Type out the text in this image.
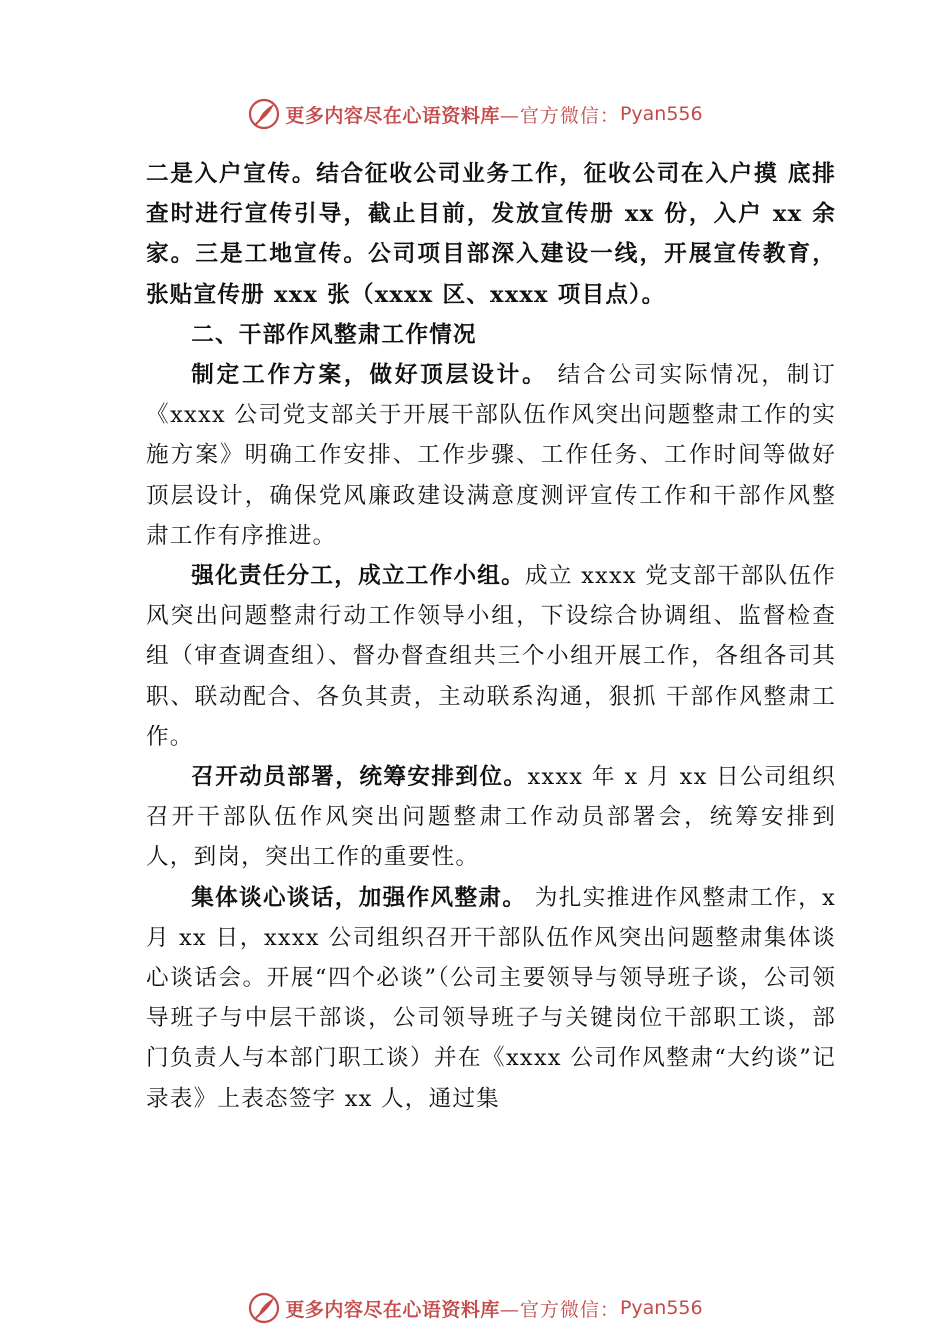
更多内容尽在心语资料库 —官方微信： Pyan556

二是入户宣传。结合征收公司业务工作，征收公司在入户摸 底排查时进行宣传引导，截止目前，发放宣传册 xx 份，入户 xx 余家。三是工地宣传。公司项目部深入建设一线，开展宣传教育，张贴宣传册 xxx 张（xxxx 区、xxxx 项目点）。

二、干部作风整肃工作情况

制定工作方案，做好顶层设计。 结合公司实际情况，制订《xxxx 公司党支部关于开展干部队伍作风突出问题整肃工作的实施方案》明确工作安排、工作步骤、工作任务、工作时间等做好顶层设计，确保党风廉政建设满意度测评宣传工作和干部作风整肃工作有序推进。

强化责任分工，成立工作小组。成立 xxxx 党支部干部队伍作风突出问题整肃行动工作领导小组，下设综合协调组、监督检查组（审查调查组）、督办督查组共三个小组开展工作，各组各司其职、联动配合、各负其责，主动联系沟通，狠抓 干部作风整肃工作。

召开动员部署，统筹安排到位。xxxx 年 x 月 xx 日公司组织召开干部队伍作风突出问题整肃工作动员部署会，统筹安排到人，到岗，突出工作的重要性。

集体谈心谈话，加强作风整肃。 为扎实推进作风整肃工作，x 月 xx 日，xxxx 公司组织召开干部队伍作风突出问题整肃集体谈心谈话会。开展“四个必谈”（公司主要领导与领导班子谈，公司领导班子与中层干部谈，公司领导班子与关键岗位干部职工谈，部门负责人与本部门职工谈）并在《xxxx 公司作风整肃“大约谈”记录表》上表态签字 xx 人，通过集

更多内容尽在心语资料库 —官方微信： Pyan556
